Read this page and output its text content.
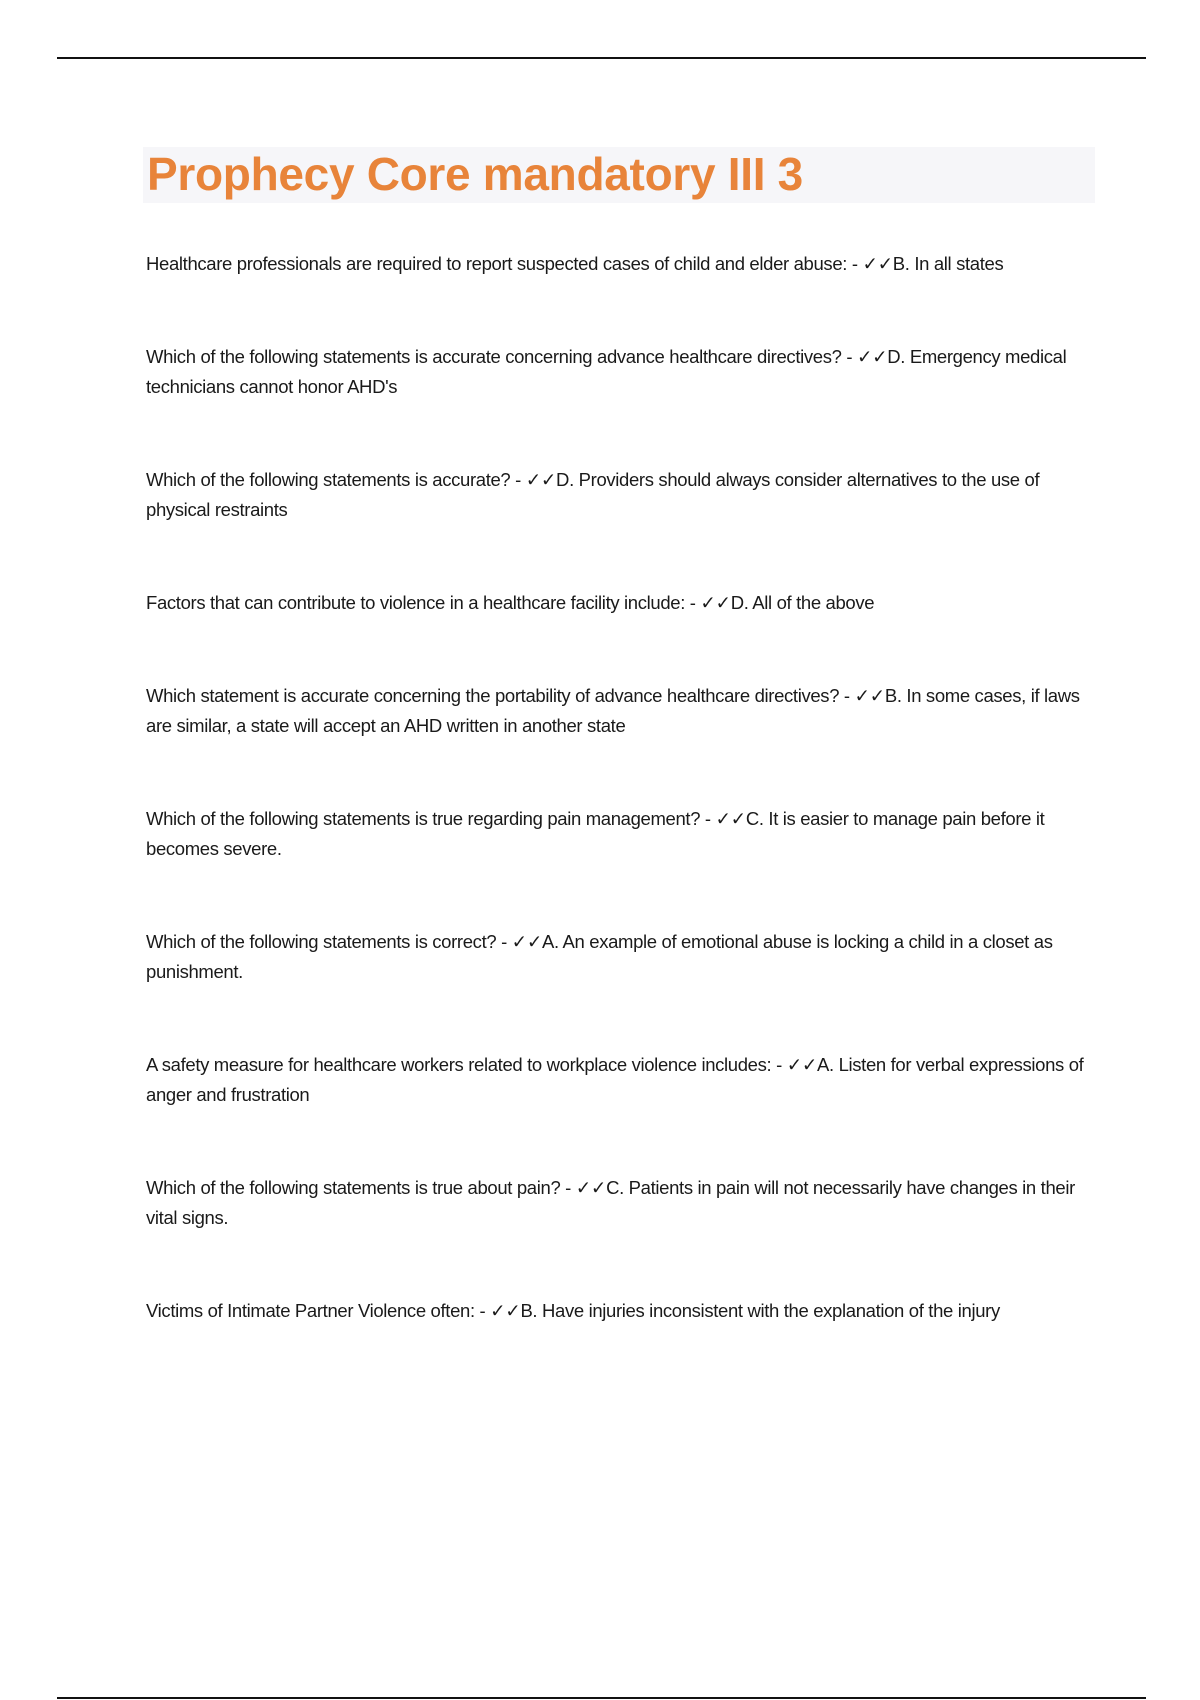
Prophecy Core mandatory III 3

Healthcare professionals are required to report suspected cases of child and elder abuse: - ✓✓B. In all states

Which of the following statements is accurate concerning advance healthcare directives? - ✓✓D. Emergency medical technicians cannot honor AHD's

Which of the following statements is accurate? - ✓✓D. Providers should always consider alternatives to the use of physical restraints

Factors that can contribute to violence in a healthcare facility include: - ✓✓D. All of the above

Which statement is accurate concerning the portability of advance healthcare directives? - ✓✓B. In some cases, if laws are similar, a state will accept an AHD written in another state

Which of the following statements is true regarding pain management? - ✓✓C. It is easier to manage pain before it becomes severe.

Which of the following statements is correct? - ✓✓A. An example of emotional abuse is locking a child in a closet as punishment.

A safety measure for healthcare workers related to workplace violence includes: - ✓✓A. Listen for verbal expressions of anger and frustration

Which of the following statements is true about pain? - ✓✓C. Patients in pain will not necessarily have changes in their vital signs.

Victims of Intimate Partner Violence often: - ✓✓B. Have injuries inconsistent with the explanation of the injury
